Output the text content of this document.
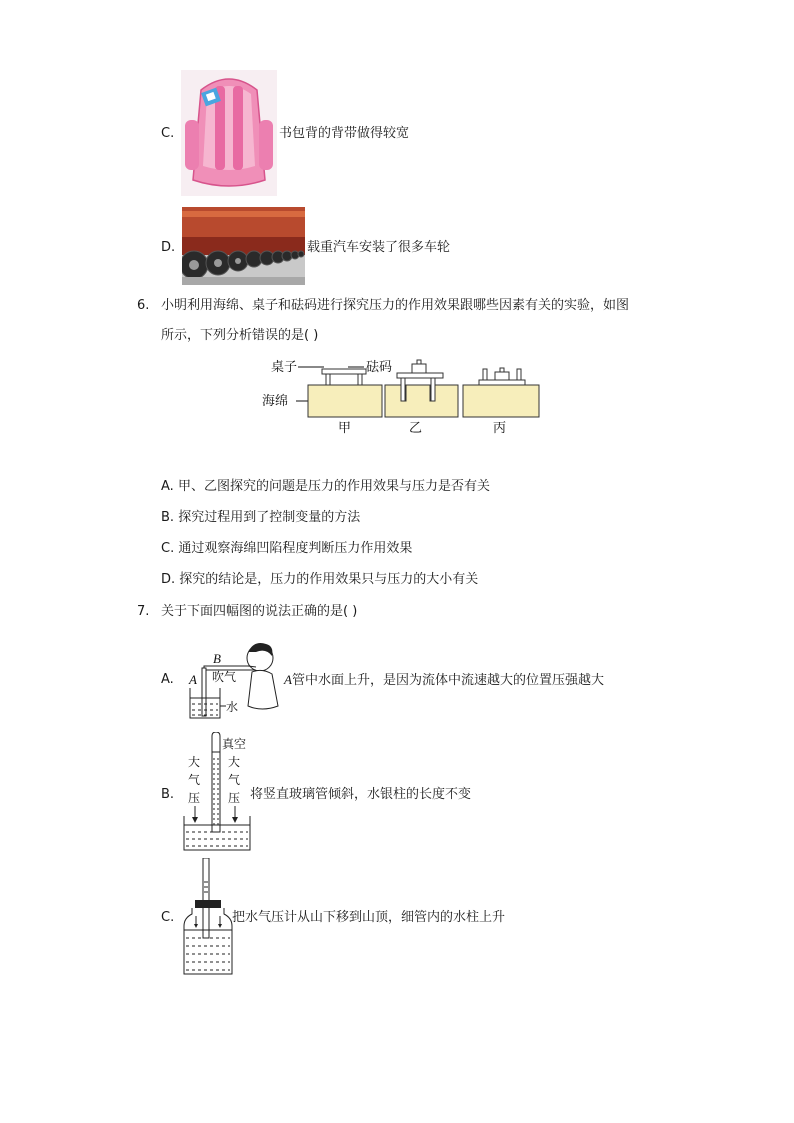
C.	书包背的背带做得较宽
D.	载重汽车安装了很多车轮
6. 小明利用海绵、桌子和砝码进行探究压力的作用效果跟哪些因素有关的实验，如图
所示，下列分析错误的是( )
桌子	砝码
海绵
甲	乙	丙
A. 甲、乙图探究的问题是压力的作用效果与压力是否有关
B. 探究过程用到了控制变量的方法
C. 通过观察海绵凹陷程度判断压力作用效果
D. 探究的结论是，压力的作用效果只与压力的大小有关
7. 关于下面四幅图的说法正确的是( )
A.
B
A 吹气
水
A管中水面上升，是因为流体中流速越大的位置压强越大
B.
真空
大
气
压
大
气
压 将竖直玻璃管倾斜，水银柱的长度不变
C.	把水气压计从山下移到山顶，细管内的水柱上升
